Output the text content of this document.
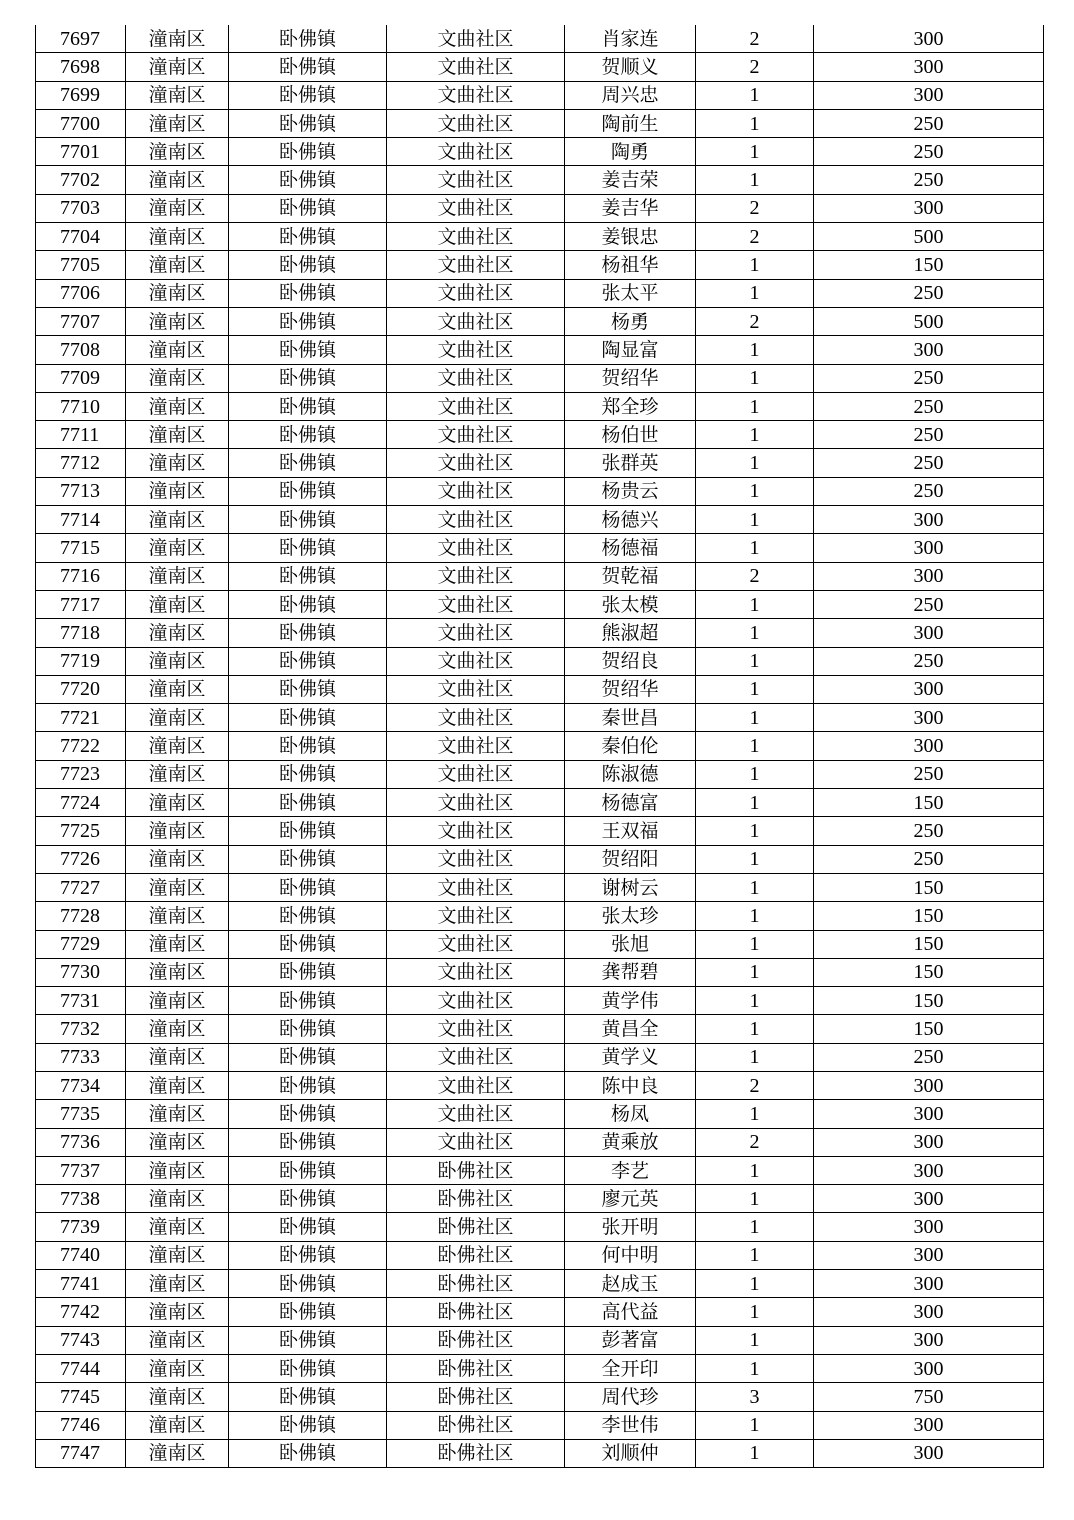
7697	潼南区	卧佛镇	文曲社区	肖家连	2	300
7698	潼南区	卧佛镇	文曲社区	贺顺义	2	300
7699	潼南区	卧佛镇	文曲社区	周兴忠	1	300
7700	潼南区	卧佛镇	文曲社区	陶前生	1	250
7701	潼南区	卧佛镇	文曲社区	陶勇	1	250
7702	潼南区	卧佛镇	文曲社区	姜吉荣	1	250
7703	潼南区	卧佛镇	文曲社区	姜吉华	2	300
7704	潼南区	卧佛镇	文曲社区	姜银忠	2	500
7705	潼南区	卧佛镇	文曲社区	杨祖华	1	150
7706	潼南区	卧佛镇	文曲社区	张太平	1	250
7707	潼南区	卧佛镇	文曲社区	杨勇	2	500
7708	潼南区	卧佛镇	文曲社区	陶显富	1	300
7709	潼南区	卧佛镇	文曲社区	贺绍华	1	250
7710	潼南区	卧佛镇	文曲社区	郑全珍	1	250
7711	潼南区	卧佛镇	文曲社区	杨伯世	1	250
7712	潼南区	卧佛镇	文曲社区	张群英	1	250
7713	潼南区	卧佛镇	文曲社区	杨贵云	1	250
7714	潼南区	卧佛镇	文曲社区	杨德兴	1	300
7715	潼南区	卧佛镇	文曲社区	杨德福	1	300
7716	潼南区	卧佛镇	文曲社区	贺乾福	2	300
7717	潼南区	卧佛镇	文曲社区	张太模	1	250
7718	潼南区	卧佛镇	文曲社区	熊淑超	1	300
7719	潼南区	卧佛镇	文曲社区	贺绍良	1	250
7720	潼南区	卧佛镇	文曲社区	贺绍华	1	300
7721	潼南区	卧佛镇	文曲社区	秦世昌	1	300
7722	潼南区	卧佛镇	文曲社区	秦伯伦	1	300
7723	潼南区	卧佛镇	文曲社区	陈淑德	1	250
7724	潼南区	卧佛镇	文曲社区	杨德富	1	150
7725	潼南区	卧佛镇	文曲社区	王双福	1	250
7726	潼南区	卧佛镇	文曲社区	贺绍阳	1	250
7727	潼南区	卧佛镇	文曲社区	谢树云	1	150
7728	潼南区	卧佛镇	文曲社区	张太珍	1	150
7729	潼南区	卧佛镇	文曲社区	张旭	1	150
7730	潼南区	卧佛镇	文曲社区	龚帮碧	1	150
7731	潼南区	卧佛镇	文曲社区	黄学伟	1	150
7732	潼南区	卧佛镇	文曲社区	黄昌全	1	150
7733	潼南区	卧佛镇	文曲社区	黄学义	1	250
7734	潼南区	卧佛镇	文曲社区	陈中良	2	300
7735	潼南区	卧佛镇	文曲社区	杨凤	1	300
7736	潼南区	卧佛镇	文曲社区	黄乘放	2	300
7737	潼南区	卧佛镇	卧佛社区	李艺	1	300
7738	潼南区	卧佛镇	卧佛社区	廖元英	1	300
7739	潼南区	卧佛镇	卧佛社区	张开明	1	300
7740	潼南区	卧佛镇	卧佛社区	何中明	1	300
7741	潼南区	卧佛镇	卧佛社区	赵成玉	1	300
7742	潼南区	卧佛镇	卧佛社区	高代益	1	300
7743	潼南区	卧佛镇	卧佛社区	彭著富	1	300
7744	潼南区	卧佛镇	卧佛社区	全开印	1	300
7745	潼南区	卧佛镇	卧佛社区	周代珍	3	750
7746	潼南区	卧佛镇	卧佛社区	李世伟	1	300
7747	潼南区	卧佛镇	卧佛社区	刘顺仲	1	300
